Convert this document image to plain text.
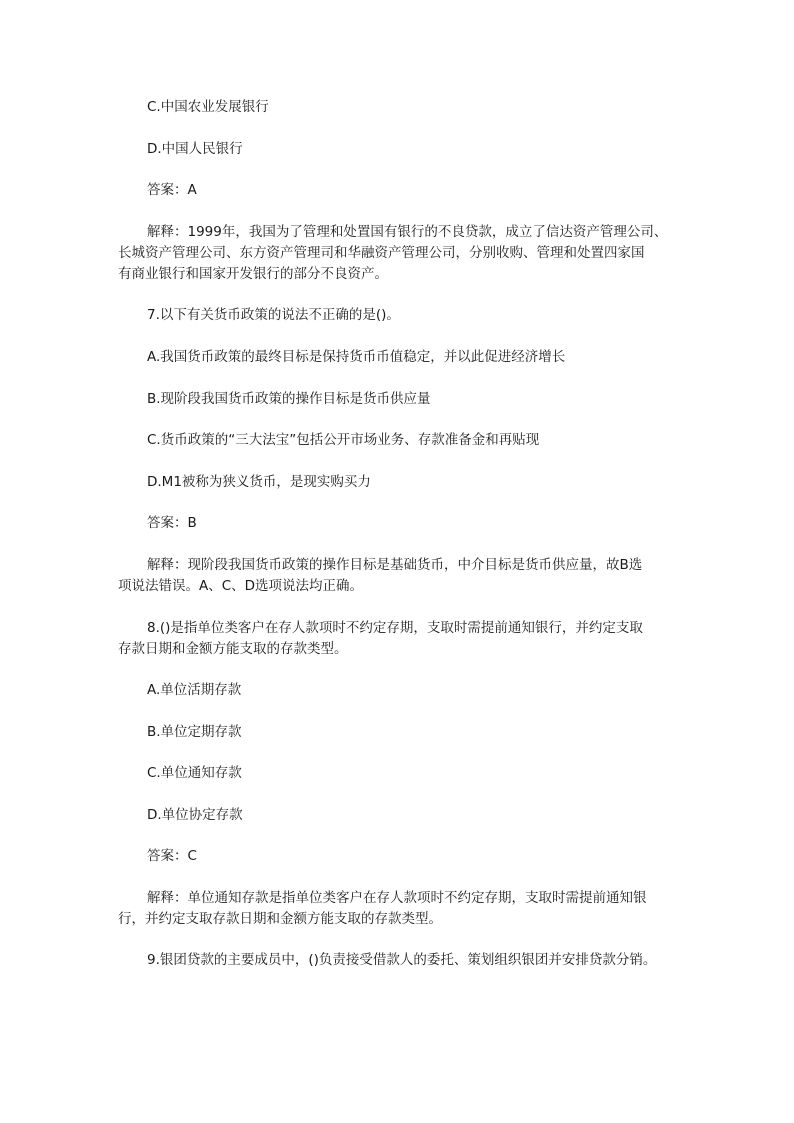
C.中国农业发展银行
D.中国人民银行
答案：A
解释：1999年，我国为了管理和处置国有银行的不良贷款，成立了信达资产管理公司、
长城资产管理公司、东方资产管理司和华融资产管理公司，分别收购、管理和处置四家国
有商业银行和国家开发银行的部分不良资产。
7.以下有关货币政策的说法不正确的是()。
A.我国货币政策的最终目标是保持货币币值稳定，并以此促进经济增长
B.现阶段我国货币政策的操作目标是货币供应量
C.货币政策的“三大法宝”包括公开市场业务、存款准备金和再贴现
D.M1被称为狭义货币，是现实购买力
答案：B
解释：现阶段我国货币政策的操作目标是基础货币，中介目标是货币供应量，故B选
项说法错误。A、C、D选项说法均正确。
8.()是指单位类客户在存人款项时不约定存期，支取时需提前通知银行，并约定支取
存款日期和金额方能支取的存款类型。
A.单位活期存款
B.单位定期存款
C.单位通知存款
D.单位协定存款
答案：C
解释：单位通知存款是指单位类客户在存人款项时不约定存期，支取时需提前通知银
行，并约定支取存款日期和金额方能支取的存款类型。
9.银团贷款的主要成员中，()负责接受借款人的委托、策划组织银团并安排贷款分销。
